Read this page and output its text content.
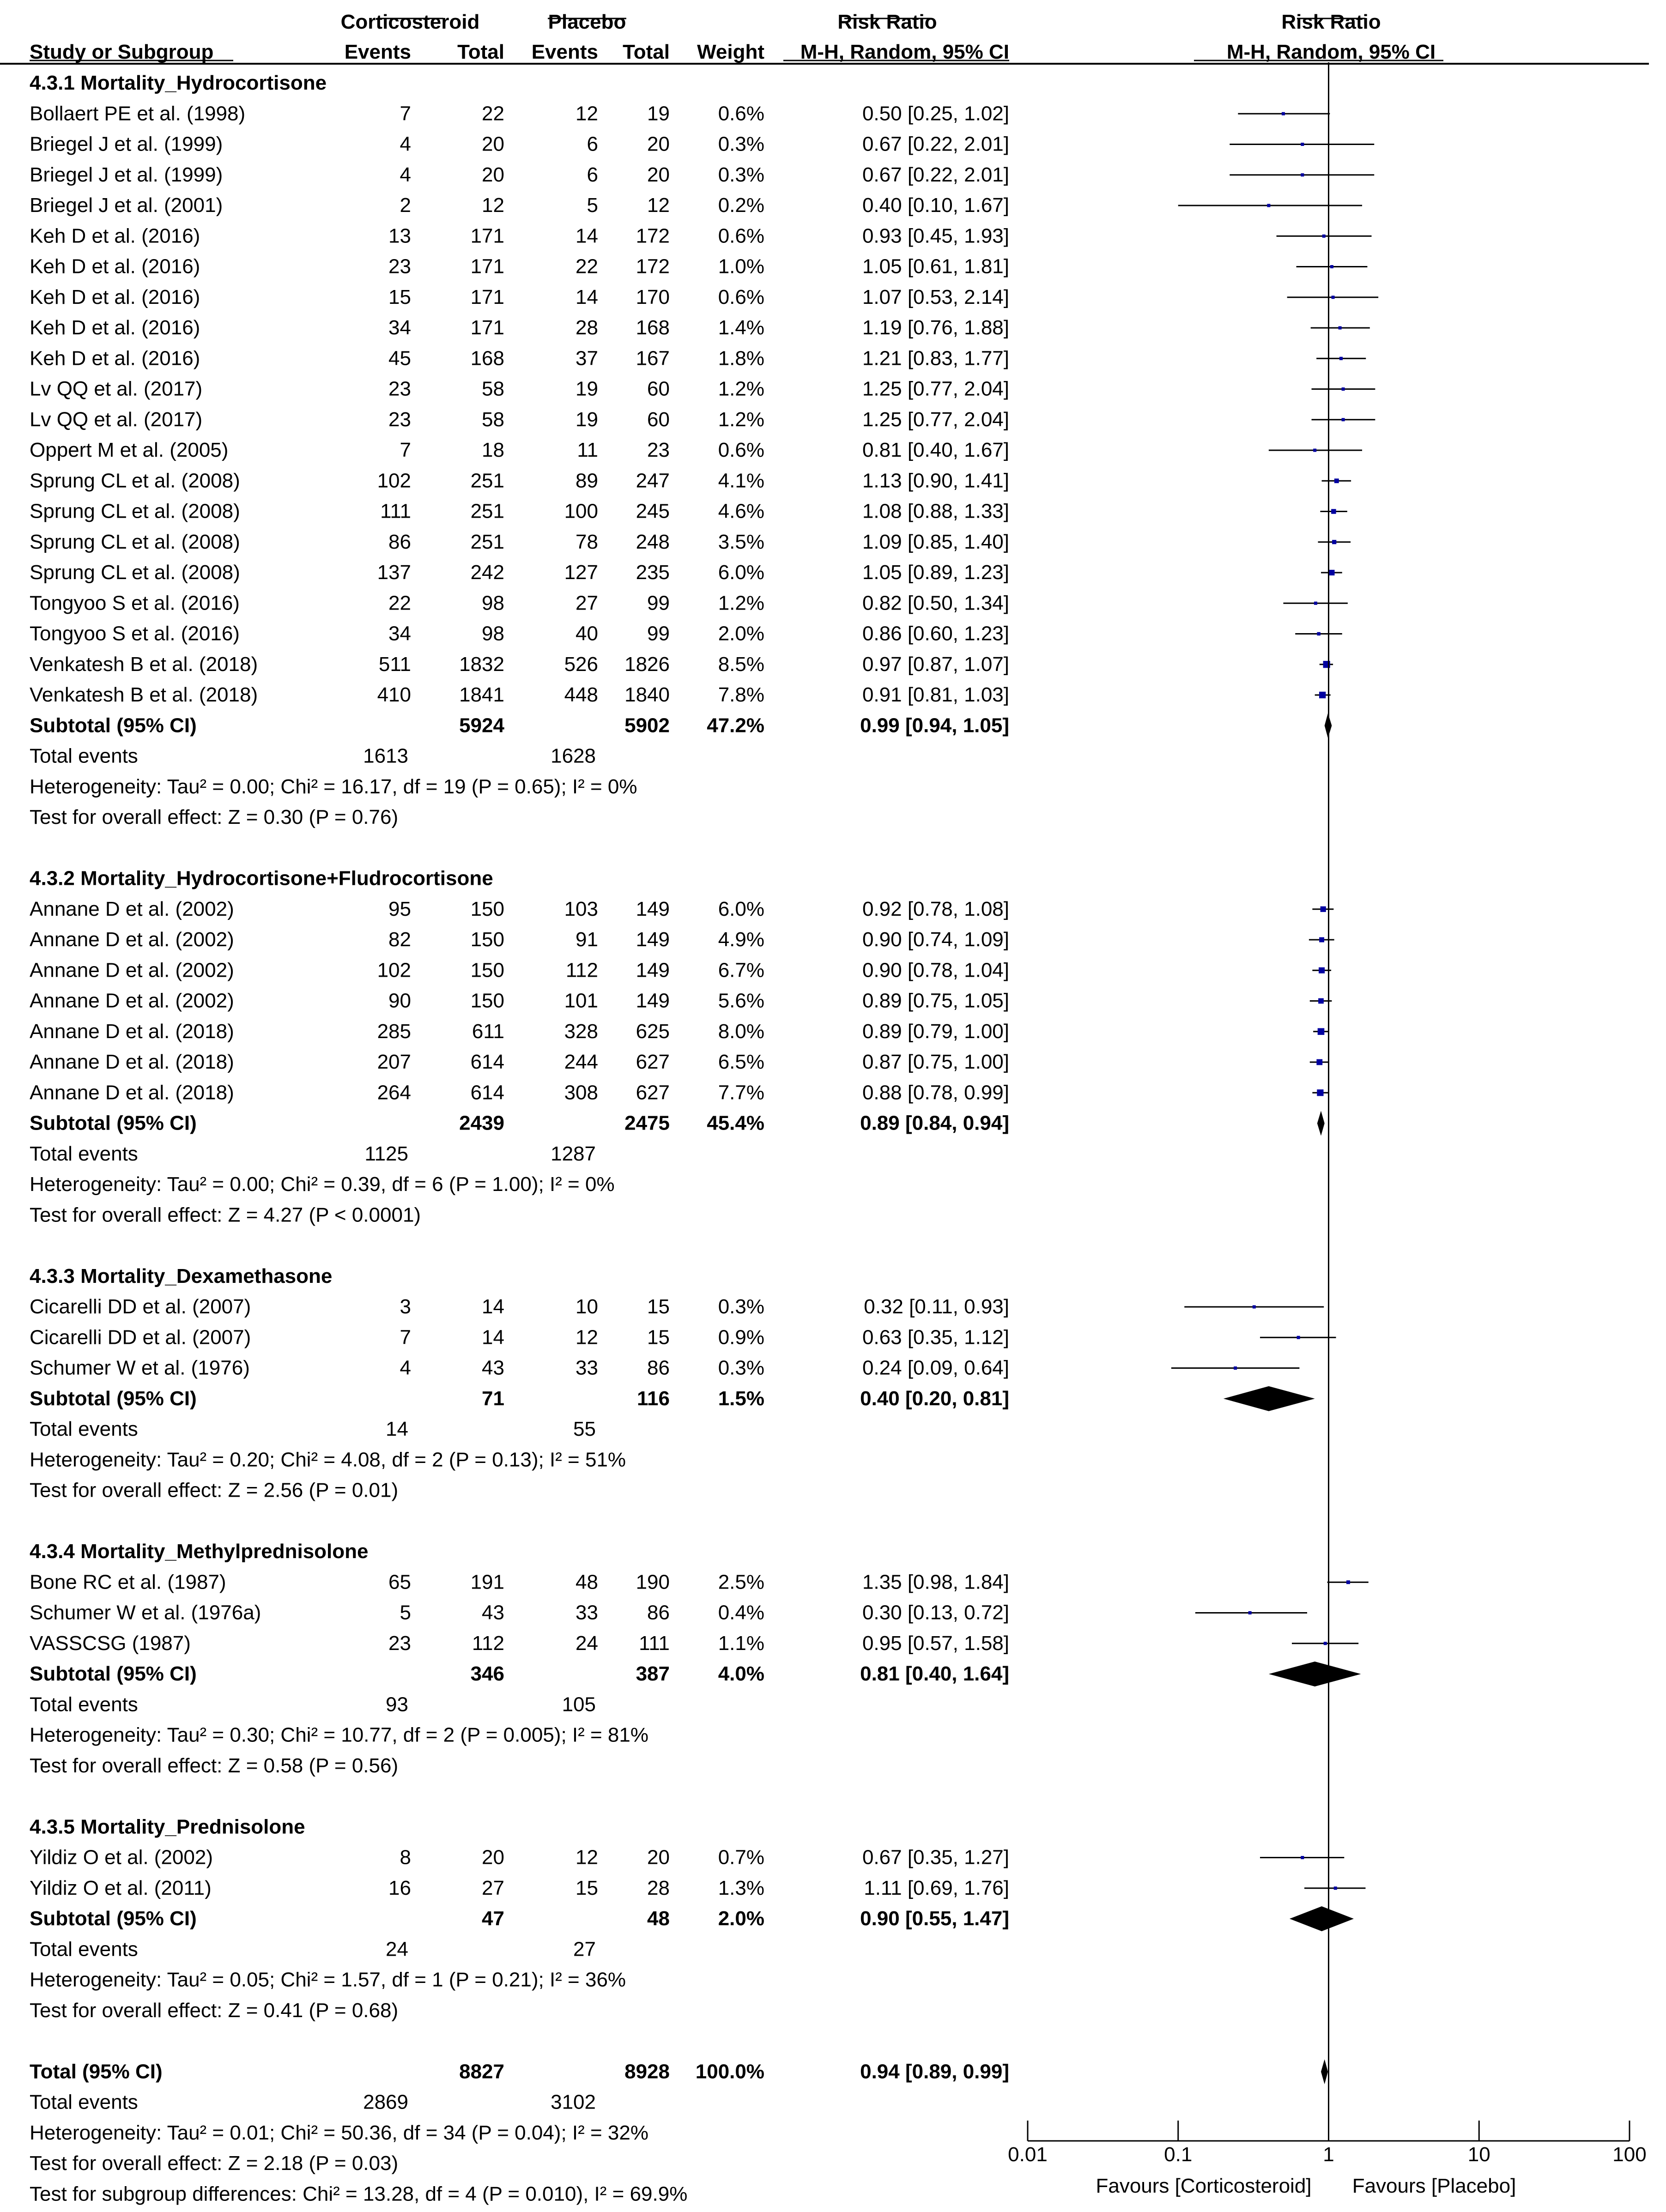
Corticosteroid	Placebo	Risk Ratio	Risk Ratio
Study or Subgroup	Events Total Events Total Weight M-H, Random, 95% CI	M-H, Random, 95% CI
4.3.1 Mortality_Hydrocortisone
Bollaert PE et al. (1998)	7	22	12 19 0.6%	0.50 [0.25, 1.02]
Briegel J et al. (1999)	4	20	6 20 0.3%	0.67 [0.22, 2.01]
Briegel J et al. (1999)	4	20	6 20 0.3%	0.67 [0.22, 2.01]
Briegel J et al. (2001)	2	12	5 12 0.2%	0.40 [0.10, 1.67]
Keh D et al. (2016)	13	171	14 172 0.6%	0.93 [0.45, 1.93]
Keh D et al. (2016)	23	171	22 172 1.0%	1.05 [0.61, 1.81]
Keh D et al. (2016)	15	171	14 170 0.6%	1.07 [0.53, 2.14]
Keh D et al. (2016)	34	171	28 168 1.4%	1.19 [0.76, 1.88]
Keh D et al. (2016)	45	168	37 167 1.8%	1.21 [0.83, 1.77]
Lv QQ et al. (2017)	23	58	19 60 1.2%	1.25 [0.77, 2.04]
Lv QQ et al. (2017)	23	58	19 60 1.2%	1.25 [0.77, 2.04]
Oppert M et al. (2005)	7	18	11 23 0.6%	0.81 [0.40, 1.67]
Sprung CL et al. (2008)	102	251	89 247 4.1%	1.13 [0.90, 1.41]
Sprung CL et al. (2008)	111	251	100 245 4.6%	1.08 [0.88, 1.33]
Sprung CL et al. (2008)	86	251	78 248 3.5%	1.09 [0.85, 1.40]
Sprung CL et al. (2008)	137	242	127 235 6.0%	1.05 [0.89, 1.23]
Tongyoo S et al. (2016)	22	98	27 99 1.2%	0.82 [0.50, 1.34]
Tongyoo S et al. (2016)	34	98	40 99 2.0%	0.86 [0.60, 1.23]
Venkatesh B et al. (2018)	511 1832	526 1826 8.5%	0.97 [0.87, 1.07]
Venkatesh B et al. (2018)	410 1841	448 1840 7.8%	0.91 [0.81, 1.03]
Subtotal (95% CI)	5924	5902 47.2%	0.99 [0.94, 1.05]
Total events	1613	1628
Heterogeneity: Tau² = 0.00; Chi² = 16.17, df = 19 (P = 0.65); I² = 0%
Test for overall effect: Z = 0.30 (P = 0.76)
4.3.2 Mortality_Hydrocortisone+Fludrocortisone
Annane D et al. (2002)	95	150	103 149 6.0%	0.92 [0.78, 1.08]
Annane D et al. (2002)	82	150	91 149 4.9%	0.90 [0.74, 1.09]
Annane D et al. (2002)	102	150	112 149 6.7%	0.90 [0.78, 1.04]
Annane D et al. (2002)	90	150	101 149 5.6%	0.89 [0.75, 1.05]
Annane D et al. (2018)	285	611	328 625 8.0%	0.89 [0.79, 1.00]
Annane D et al. (2018)	207	614	244 627 6.5%	0.87 [0.75, 1.00]
Annane D et al. (2018)	264	614	308 627 7.7%	0.88 [0.78, 0.99]
Subtotal (95% CI)	2439	2475 45.4%	0.89 [0.84, 0.94]
Total events	1125	1287
Heterogeneity: Tau² = 0.00; Chi² = 0.39, df = 6 (P = 1.00); I² = 0%
Test for overall effect: Z = 4.27 (P < 0.0001)
4.3.3 Mortality_Dexamethasone
Cicarelli DD et al. (2007)	3	14	10 15 0.3%	0.32 [0.11, 0.93]
Cicarelli DD et al. (2007)	7	14	12 15 0.9%	0.63 [0.35, 1.12]
Schumer W et al. (1976)	4	43	33 86 0.3%	0.24 [0.09, 0.64]
Subtotal (95% CI)	71	116 1.5%	0.40 [0.20, 0.81]
Total events	14	55
Heterogeneity: Tau² = 0.20; Chi² = 4.08, df = 2 (P = 0.13); I² = 51%
Test for overall effect: Z = 2.56 (P = 0.01)
4.3.4 Mortality_Methylprednisolone
Bone RC et al. (1987)	65	191	48 190 2.5%	1.35 [0.98, 1.84]
Schumer W et al. (1976a)	5	43	33 86 0.4%	0.30 [0.13, 0.72]
VASSCSG (1987)	23	112	24 111 1.1%	0.95 [0.57, 1.58]
Subtotal (95% CI)	346	387 4.0%	0.81 [0.40, 1.64]
Total events	93	105
Heterogeneity: Tau² = 0.30; Chi² = 10.77, df = 2 (P = 0.005); I² = 81%
Test for overall effect: Z = 0.58 (P = 0.56)
4.3.5 Mortality_Prednisolone
Yildiz O et al. (2002)	8	20	12 20 0.7%	0.67 [0.35, 1.27]
Yildiz O et al. (2011)	16	27	15 28 1.3%	1.11 [0.69, 1.76]
Subtotal (95% CI)	47	48 2.0%	0.90 [0.55, 1.47]
Total events	24	27
Heterogeneity: Tau² = 0.05; Chi² = 1.57, df = 1 (P = 0.21); I² = 36%
Test for overall effect: Z = 0.41 (P = 0.68)
Total (95% CI)	8827	8928 100.0%	0.94 [0.89, 0.99]
Total events	2869	3102
Heterogeneity: Tau² = 0.01; Chi² = 50.36, df = 34 (P = 0.04); I² = 32%
Test for overall effect: Z = 2.18 (P = 0.03)
Test for subgroup differences: Chi² = 13.28, df = 4 (P = 0.010), I² = 69.9%
0.01	0.1	1	10	100
Favours [Corticosteroid] Favours [Placebo]
